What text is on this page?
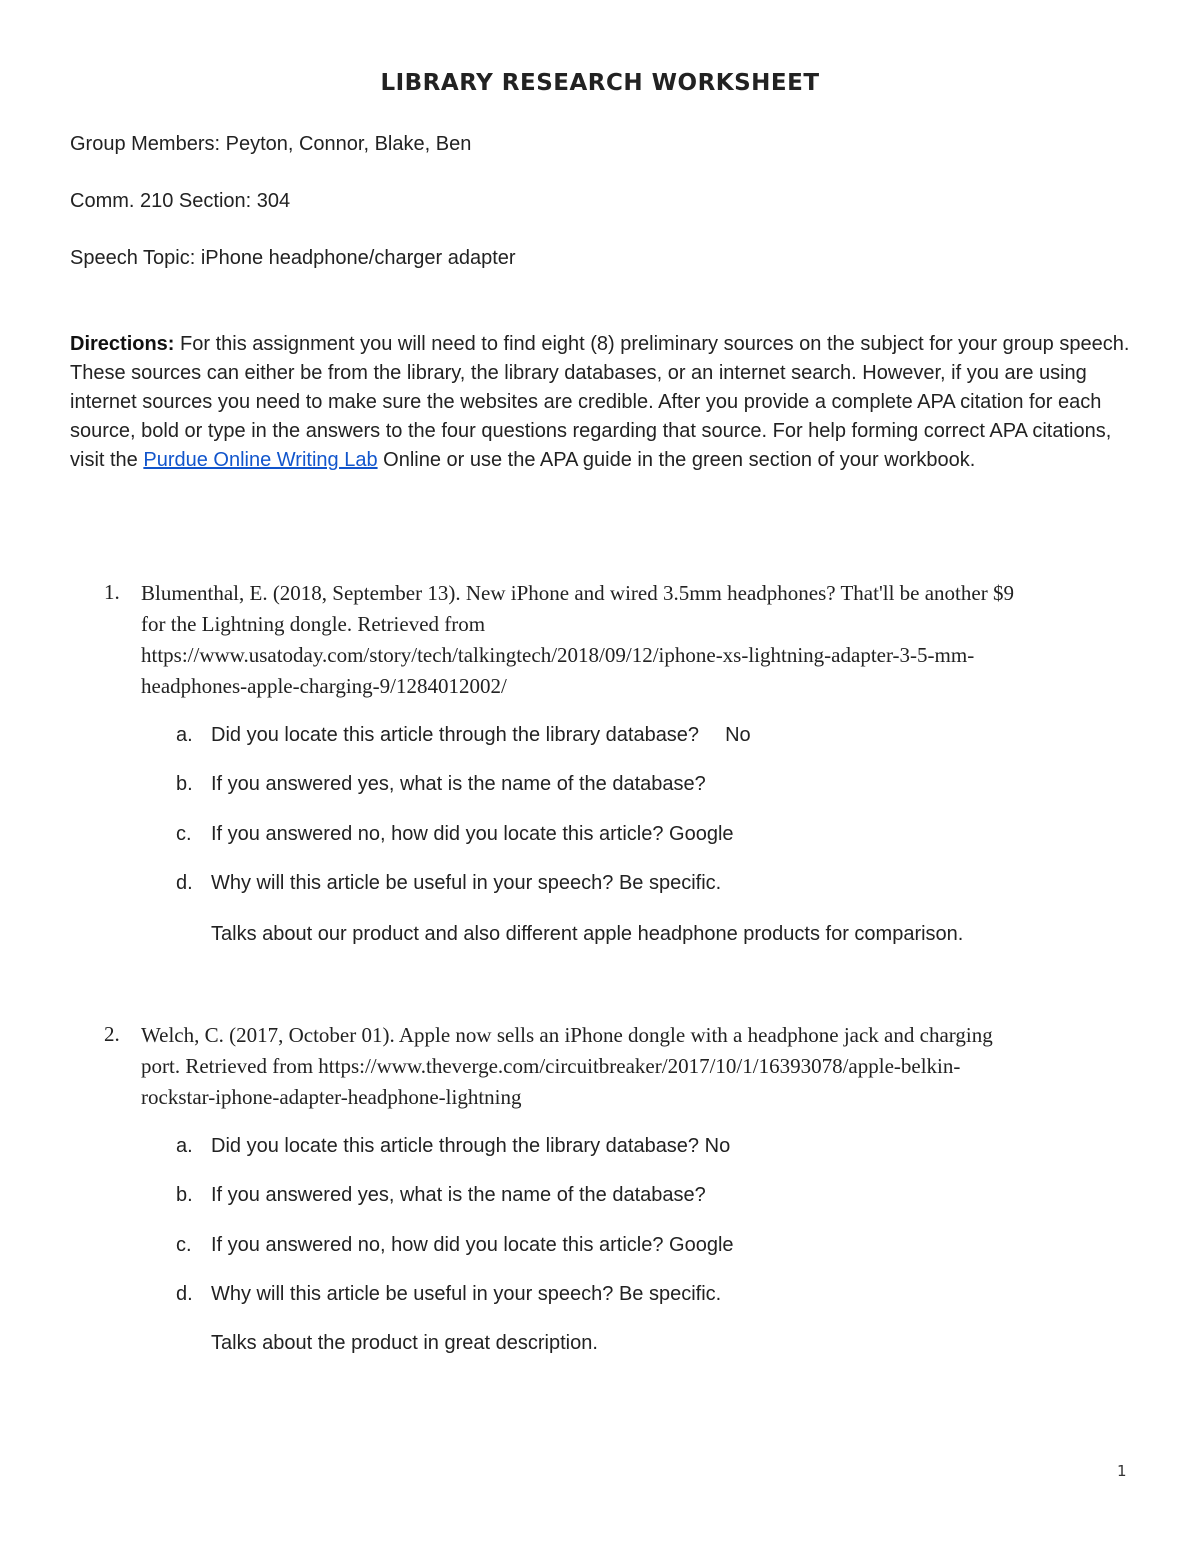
LIBRARY RESEARCH WORKSHEET
Group Members: Peyton, Connor, Blake, Ben
Comm. 210 Section: 304
Speech Topic: iPhone headphone/charger adapter
Directions: For this assignment you will need to find eight (8) preliminary sources on the subject for your group speech. These sources can either be from the library, the library databases, or an internet search. However, if you are using internet sources you need to make sure the websites are credible. After you provide a complete APA citation for each source, bold or type in the answers to the four questions regarding that source. For help forming correct APA citations, visit the Purdue Online Writing Lab Online or use the APA guide in the green section of your workbook.
1. Blumenthal, E. (2018, September 13). New iPhone and wired 3.5mm headphones? That'll be another $9
for the Lightning dongle. Retrieved from
https://www.usatoday.com/story/tech/talkingtech/2018/09/12/iphone-xs-lightning-adapter-3-5-mm-
headphones-apple-charging-9/1284012002/
a. Did you locate this article through the library database? No
b. If you answered yes, what is the name of the database?
c. If you answered no, how did you locate this article? Google
d. Why will this article be useful in your speech? Be specific.
Talks about our product and also different apple headphone products for comparison.
2. Welch, C. (2017, October 01). Apple now sells an iPhone dongle with a headphone jack and charging
port. Retrieved from https://www.theverge.com/circuitbreaker/2017/10/1/16393078/apple-belkin-
rockstar-iphone-adapter-headphone-lightning
a. Did you locate this article through the library database? No
b. If you answered yes, what is the name of the database?
c. If you answered no, how did you locate this article? Google
d. Why will this article be useful in your speech? Be specific.
Talks about the product in great description.
1
